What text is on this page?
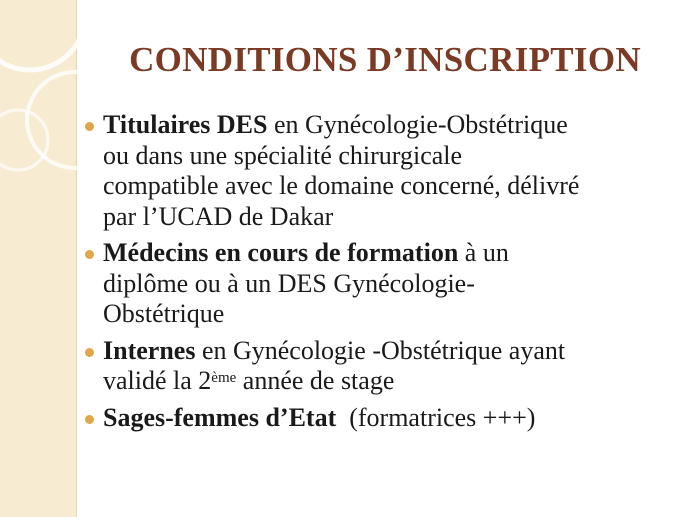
CONDITIONS D’INSCRIPTION
Titulaires DES en Gynécologie-Obstétrique
ou dans une spécialité chirurgicale
compatible avec le domaine concerné, délivré
par l’UCAD de Dakar
Médecins en cours de formation à un
diplôme ou à un DES Gynécologie-
Obstétrique
Internes en Gynécologie -Obstétrique ayant
validé la 2ème année de stage
Sages-femmes d’Etat  (formatrices +++)
